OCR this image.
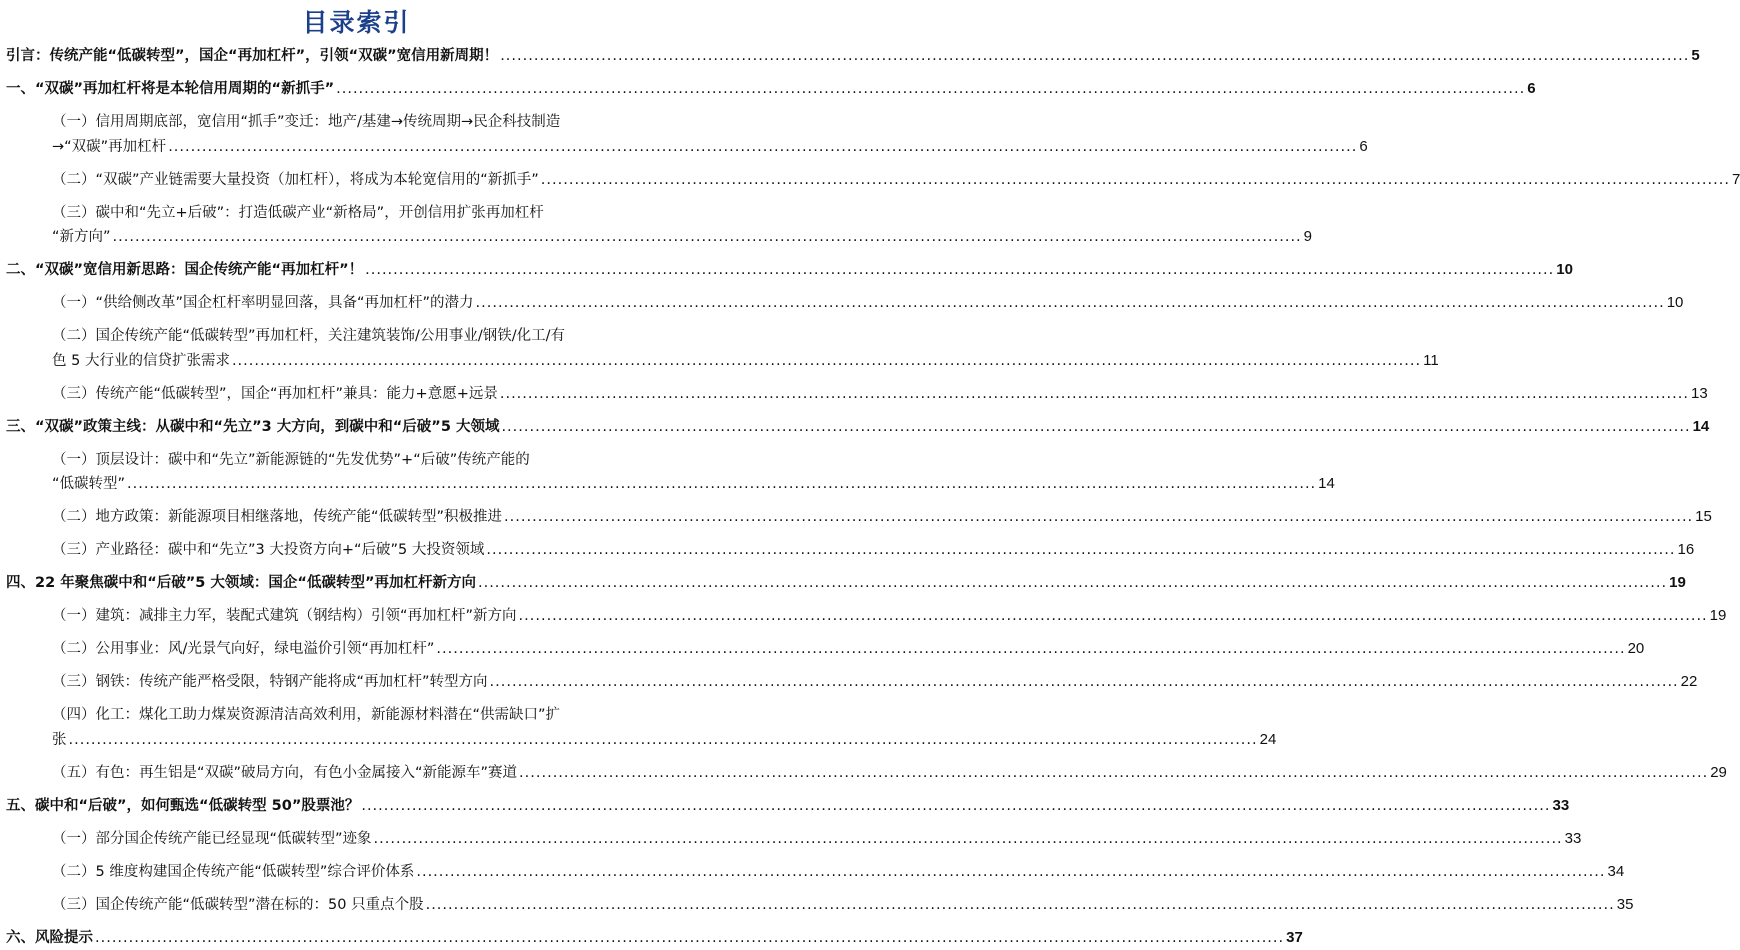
目录索引
引言：传统产能“低碳转型”，国企“再加杠杆”，引领“双碳”宽信用新周期！ .....	5
一、“双碳”再加杠杆将是本轮信用周期的“新抓手” .....	6
（一）信用周期底部，宽信用“抓手”变迁：地产/基建→传统周期→民企科技制造
→“双碳”再加杠杆 .....	6
（二）“双碳”产业链需要大量投资（加杠杆），将成为本轮宽信用的“新抓手” .....	7
（三）碳中和“先立+后破”：打造低碳产业“新格局”，开创信用扩张再加杠杆
“新方向” .....	9
二、“双碳”宽信用新思路：国企传统产能“再加杠杆”！ .....	10
（一）“供给侧改革”国企杠杆率明显回落，具备“再加杠杆”的潜力 .....	10
（二）国企传统产能“低碳转型”再加杠杆，关注建筑装饰/公用事业/钢铁/化工/有
色 5 大行业的信贷扩张需求 .....	11
（三）传统产能“低碳转型”，国企“再加杠杆”兼具：能力+意愿+远景 .....	13
三、“双碳”政策主线：从碳中和“先立”3 大方向，到碳中和“后破”5 大领域 .....	14
（一）顶层设计：碳中和“先立”新能源链的“先发优势”+“后破”传统产能的
“低碳转型” .....	14
（二）地方政策：新能源项目相继落地，传统产能“低碳转型”积极推进 .....	15
（三）产业路径：碳中和“先立”3 大投资方向+“后破”5 大投资领域 .....	16
四、22 年聚焦碳中和“后破”5 大领域：国企“低碳转型”再加杠杆新方向 .....	19
（一）建筑：减排主力军，装配式建筑（钢结构）引领“再加杠杆”新方向 .....	19
（二）公用事业：风/光景气向好，绿电溢价引领“再加杠杆” .....	20
（三）钢铁：传统产能严格受限，特钢产能将成“再加杠杆”转型方向 .....	22
（四）化工：煤化工助力煤炭资源清洁高效利用，新能源材料潜在“供需缺口”扩
张 .....	24
（五）有色：再生铝是“双碳”破局方向，有色小金属接入“新能源车”赛道 .....	29
五、碳中和“后破”，如何甄选“低碳转型 50”股票池？ .....	33
（一）部分国企传统产能已经显现“低碳转型”迹象 .....	33
（二）5 维度构建国企传统产能“低碳转型”综合评价体系 .....	34
（三）国企传统产能“低碳转型”潜在标的：50 只重点个股 .....	35
六、风险提示 .....	37
